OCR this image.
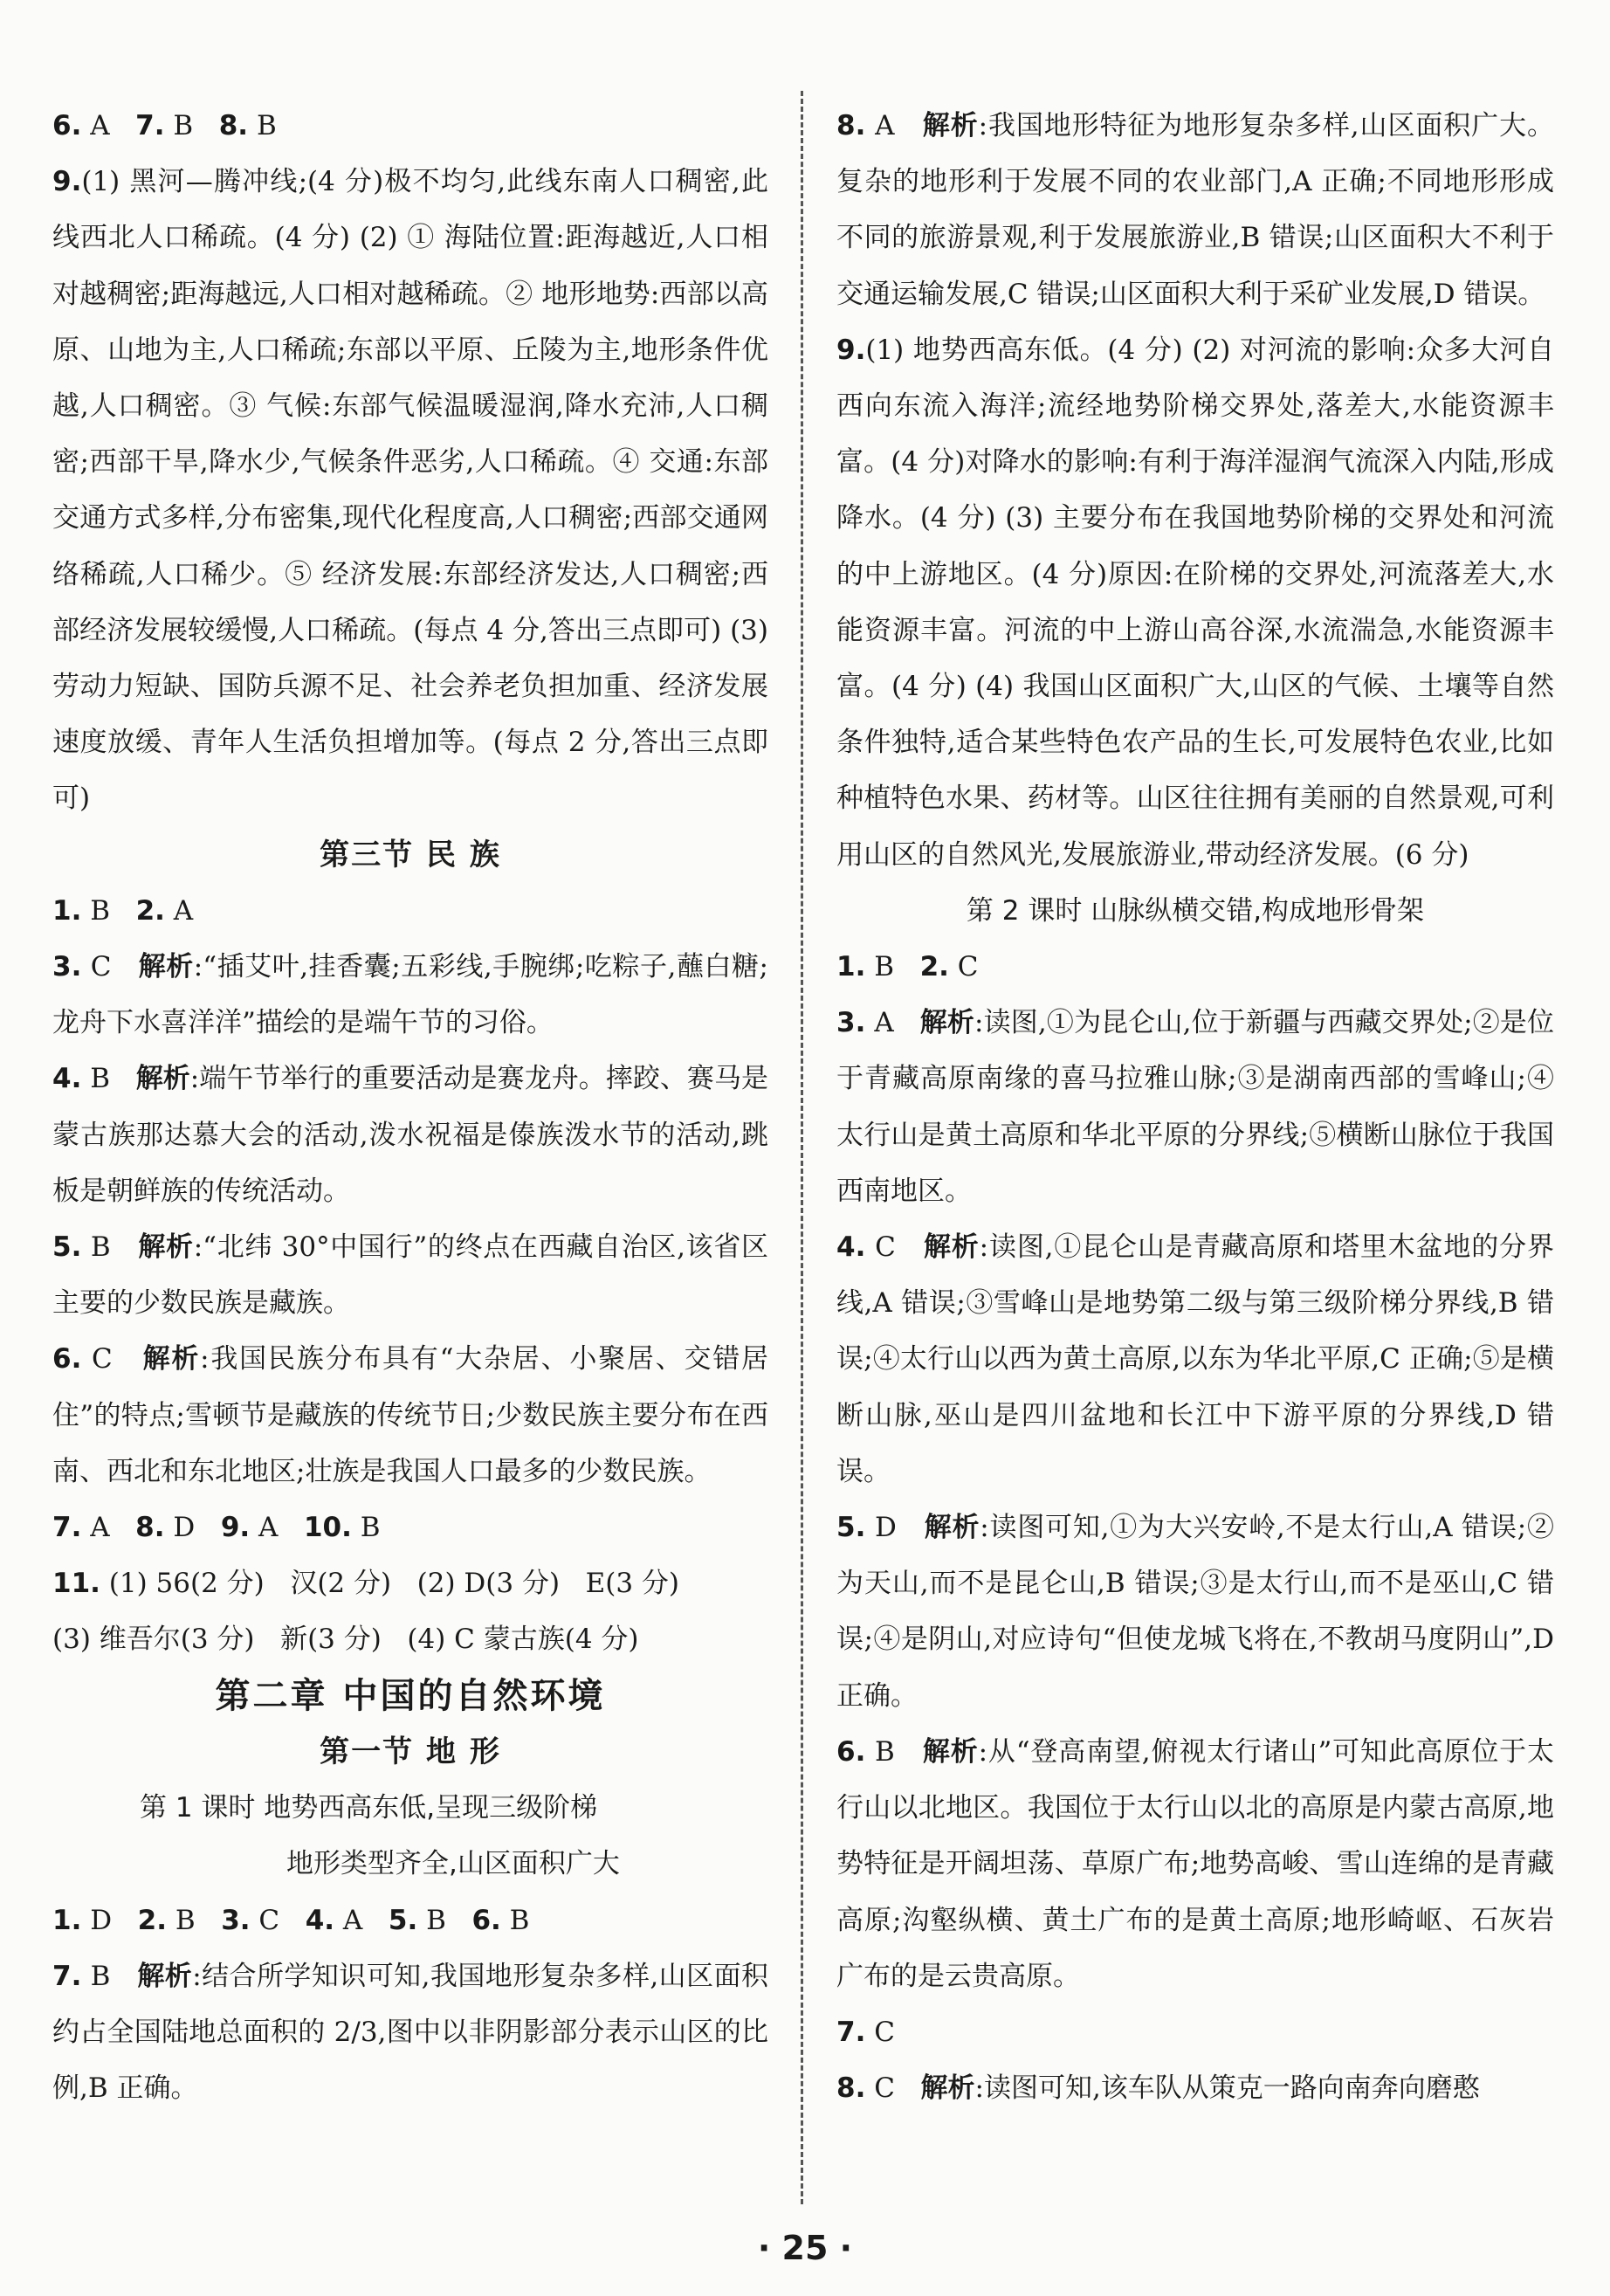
6. A   7. B   8. B

9.(1) 黑河—腾冲线;(4 分)极不均匀,此线东南人口稠密,此线西北人口稀疏。(4 分) (2) ① 海陆位置:距海越近,人口相对越稠密;距海越远,人口相对越稀疏。② 地形地势:西部以高原、山地为主,人口稀疏;东部以平原、丘陵为主,地形条件优越,人口稠密。③ 气候:东部气候温暖湿润,降水充沛,人口稠密;西部干旱,降水少,气候条件恶劣,人口稀疏。④ 交通:东部交通方式多样,分布密集,现代化程度高,人口稠密;西部交通网络稀疏,人口稀少。⑤ 经济发展:东部经济发达,人口稠密;西部经济发展较缓慢,人口稀疏。(每点 4 分,答出三点即可) (3) 劳动力短缺、国防兵源不足、社会养老负担加重、经济发展速度放缓、青年人生活负担增加等。(每点 2 分,答出三点即可)

第三节 民 族

1. B   2. A

3. C   解析:“插艾叶,挂香囊;五彩线,手腕绑;吃粽子,蘸白糖;龙舟下水喜洋洋”描绘的是端午节的习俗。

4. B   解析:端午节举行的重要活动是赛龙舟。摔跤、赛马是蒙古族那达慕大会的活动,泼水祝福是傣族泼水节的活动,跳板是朝鲜族的传统活动。

5. B   解析:“北纬 30°中国行”的终点在西藏自治区,该省区主要的少数民族是藏族。

6. C   解析:我国民族分布具有“大杂居、小聚居、交错居住”的特点;雪顿节是藏族的传统节日;少数民族主要分布在西南、西北和东北地区;壮族是我国人口最多的少数民族。

7. A   8. D   9. A   10. B

11. (1) 56(2 分)   汉(2 分)   (2) D(3 分)   E(3 分)

(3) 维吾尔(3 分)   新(3 分)   (4) C 蒙古族(4 分)

第二章 中国的自然环境

第一节 地 形

第 1 课时 地势西高东低,呈现三级阶梯

地形类型齐全,山区面积广大

1. D   2. B   3. C   4. A   5. B   6. B

7. B   解析:结合所学知识可知,我国地形复杂多样,山区面积约占全国陆地总面积的 2/3,图中以非阴影部分表示山区的比例,B 正确。

8. A   解析:我国地形特征为地形复杂多样,山区面积广大。复杂的地形利于发展不同的农业部门,A 正确;不同地形形成不同的旅游景观,利于发展旅游业,B 错误;山区面积大不利于交通运输发展,C 错误;山区面积大利于采矿业发展,D 错误。

9.(1) 地势西高东低。(4 分) (2) 对河流的影响:众多大河自西向东流入海洋;流经地势阶梯交界处,落差大,水能资源丰富。(4 分)对降水的影响:有利于海洋湿润气流深入内陆,形成降水。(4 分) (3) 主要分布在我国地势阶梯的交界处和河流的中上游地区。(4 分)原因:在阶梯的交界处,河流落差大,水能资源丰富。河流的中上游山高谷深,水流湍急,水能资源丰富。(4 分) (4) 我国山区面积广大,山区的气候、土壤等自然条件独特,适合某些特色农产品的生长,可发展特色农业,比如种植特色水果、药材等。山区往往拥有美丽的自然景观,可利用山区的自然风光,发展旅游业,带动经济发展。(6 分)

第 2 课时 山脉纵横交错,构成地形骨架

1. B   2. C

3. A   解析:读图,①为昆仑山,位于新疆与西藏交界处;②是位于青藏高原南缘的喜马拉雅山脉;③是湖南西部的雪峰山;④太行山是黄土高原和华北平原的分界线;⑤横断山脉位于我国西南地区。

4. C   解析:读图,①昆仑山是青藏高原和塔里木盆地的分界线,A 错误;③雪峰山是地势第二级与第三级阶梯分界线,B 错误;④太行山以西为黄土高原,以东为华北平原,C 正确;⑤是横断山脉,巫山是四川盆地和长江中下游平原的分界线,D 错误。

5. D   解析:读图可知,①为大兴安岭,不是太行山,A 错误;②为天山,而不是昆仑山,B 错误;③是太行山,而不是巫山,C 错误;④是阴山,对应诗句“但使龙城飞将在,不教胡马度阴山”,D 正确。

6. B   解析:从“登高南望,俯视太行诸山”可知此高原位于太行山以北地区。我国位于太行山以北的高原是内蒙古高原,地势特征是开阔坦荡、草原广布;地势高峻、雪山连绵的是青藏高原;沟壑纵横、黄土广布的是黄土高原;地形崎岖、石灰岩广布的是云贵高原。

7. C

8. C   解析:读图可知,该车队从策克一路向南奔向磨憨

· 25 ·
